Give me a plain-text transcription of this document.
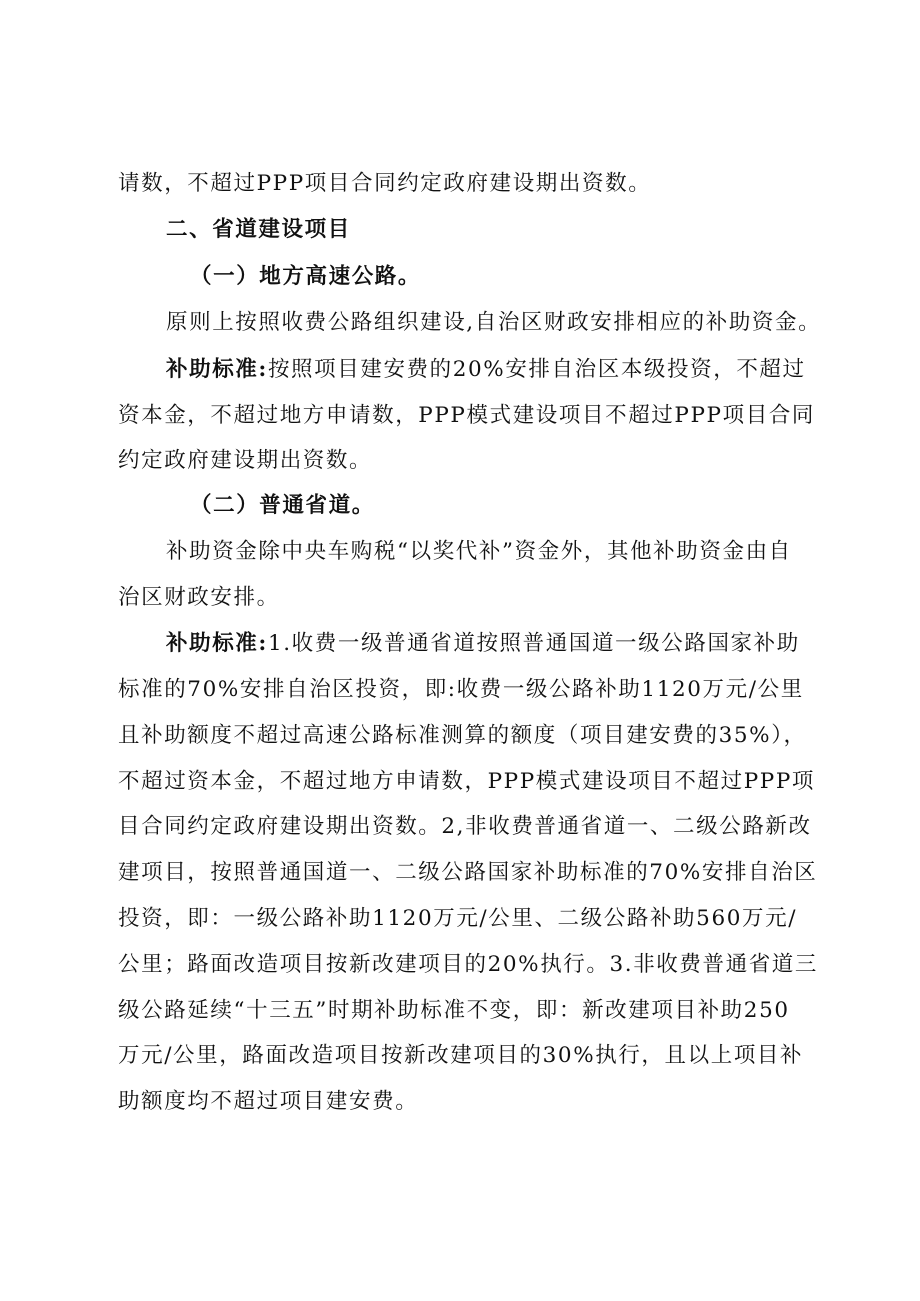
请数，不超过PPP项目合同约定政府建设期出资数。
二、省道建设项目
（一）地方高速公路。
原则上按照收费公路组织建设,自治区财政安排相应的补助资金。
补助标准:按照项目建安费的20%安排自治区本级投资，不超过
资本金，不超过地方申请数，PPP模式建设项目不超过PPP项目合同
约定政府建设期出资数。
（二）普通省道。
补助资金除中央车购税“以奖代补”资金外，其他补助资金由自
治区财政安排。
补助标准:1.收费一级普通省道按照普通国道一级公路国家补助
标准的70%安排自治区投资，即:收费一级公路补助1120万元/公里
且补助额度不超过高速公路标准测算的额度（项目建安费的35%），
不超过资本金，不超过地方申请数，PPP模式建设项目不超过PPP项
目合同约定政府建设期出资数。2,非收费普通省道一、二级公路新改
建项目，按照普通国道一、二级公路国家补助标准的70%安排自治区
投资，即：一级公路补助1120万元/公里、二级公路补助560万元/
公里；路面改造项目按新改建项目的20%执行。3.非收费普通省道三
级公路延续“十三五”时期补助标准不变，即：新改建项目补助250
万元/公里，路面改造项目按新改建项目的30%执行，且以上项目补
助额度均不超过项目建安费。
